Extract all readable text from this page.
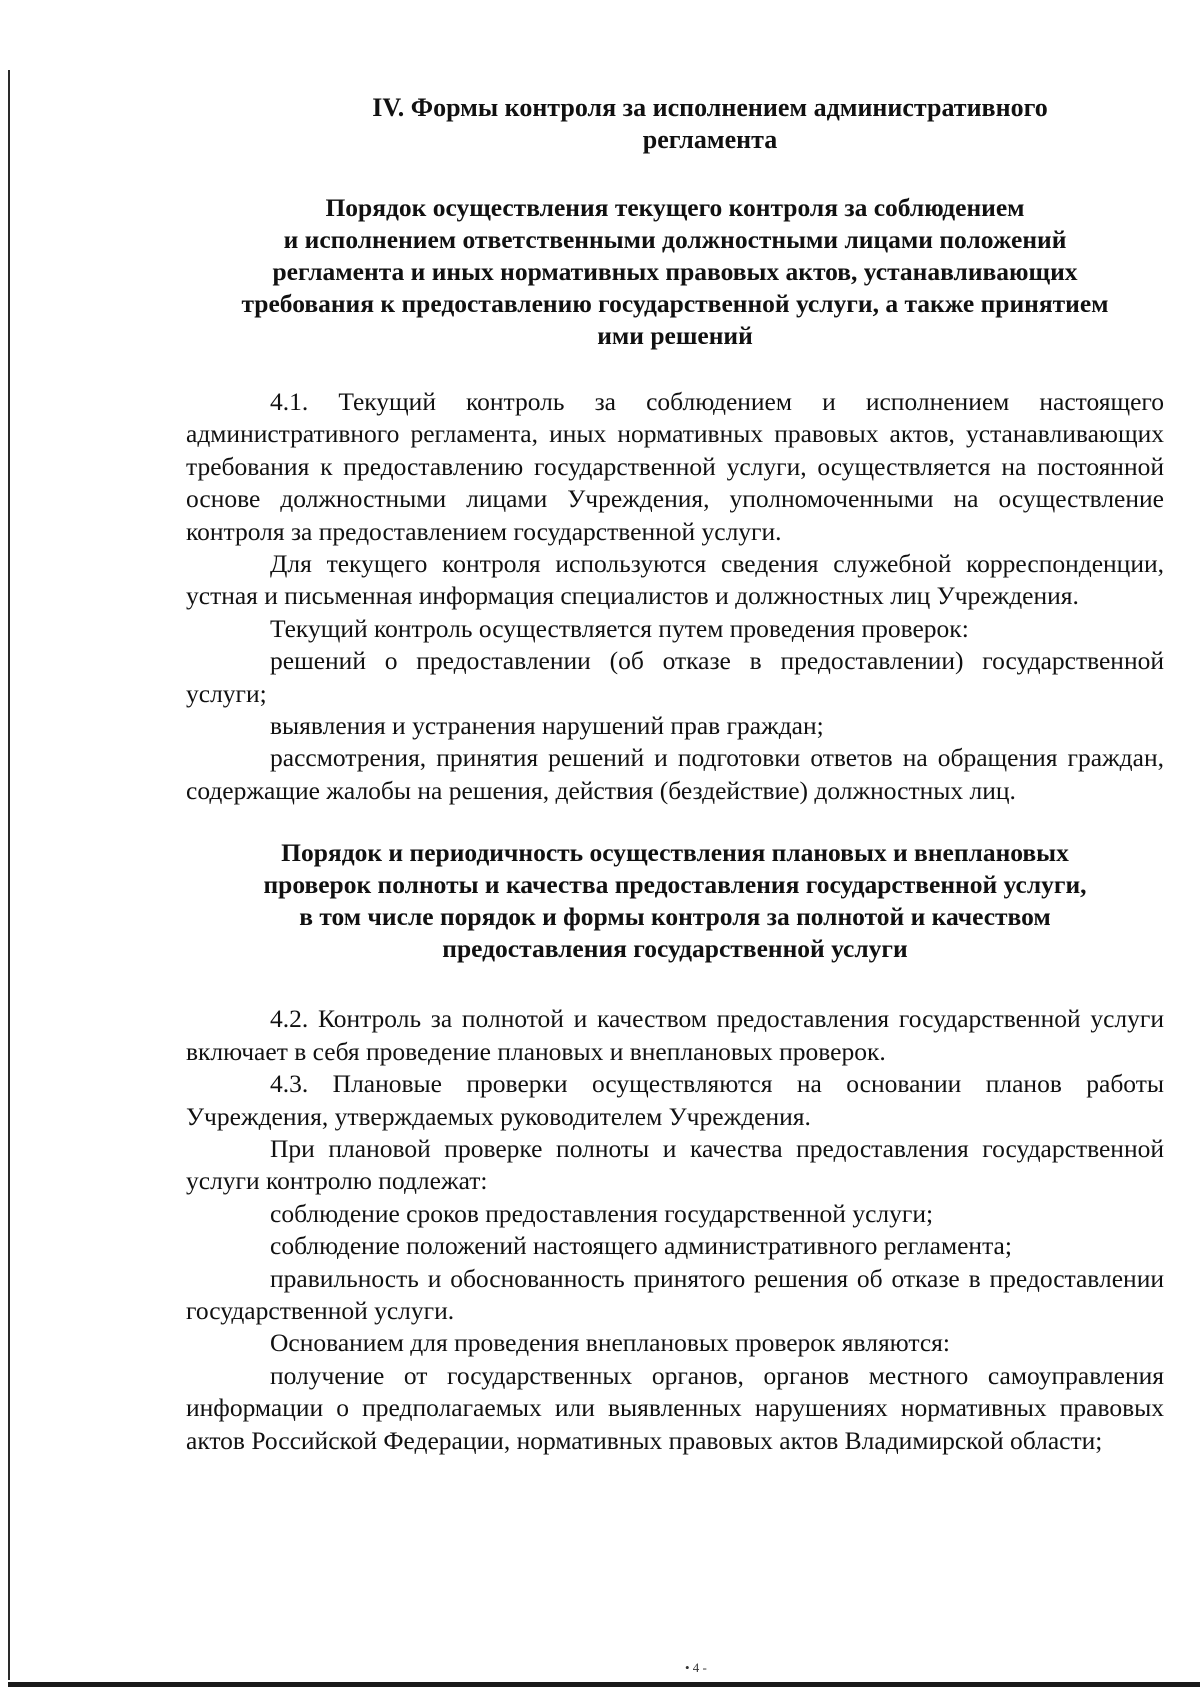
IV. Формы контроля за исполнением административного
регламента
Порядок осуществления текущего контроля за соблюдением
и исполнением ответственными должностными лицами положений
регламента и иных нормативных правовых актов, устанавливающих
требования к предоставлению государственной услуги, а также принятием
ими решений

4.1. Текущий контроль за соблюдением и исполнением настоящего административного регламента, иных нормативных правовых актов, устанавливающих требования к предоставлению государственной услуги, осуществляется на постоянной основе должностными лицами Учреждения, уполномоченными на осуществление контроля за предоставлением государственной услуги.

Для текущего контроля используются сведения служебной корреспонденции, устная и письменная информация специалистов и должностных лиц Учреждения.

Текущий контроль осуществляется путем проведения проверок:

решений о предоставлении (об отказе в предоставлении) государственной услуги;

выявления и устранения нарушений прав граждан;

рассмотрения, принятия решений и подготовки ответов на обращения граждан, содержащие жалобы на решения, действия (бездействие) должностных лиц.

Порядок и периодичность осуществления плановых и внеплановых
проверок полноты и качества предоставления государственной услуги,
в том числе порядок и формы контроля за полнотой и качеством
предоставления государственной услуги

4.2. Контроль за полнотой и качеством предоставления государственной услуги включает в себя проведение плановых и внеплановых проверок.

4.3. Плановые проверки осуществляются на основании планов работы Учреждения, утверждаемых руководителем Учреждения.

При плановой проверке полноты и качества предоставления государственной услуги контролю подлежат:

соблюдение сроков предоставления государственной услуги;

соблюдение положений настоящего административного регламента;

правильность и обоснованность принятого решения об отказе в предоставлении государственной услуги.

Основанием для проведения внеплановых проверок являются:

получение от государственных органов, органов местного самоуправления информации о предполагаемых или выявленных нарушениях нормативных правовых актов Российской Федерации, нормативных правовых актов Владимирской области;

• 4 -
